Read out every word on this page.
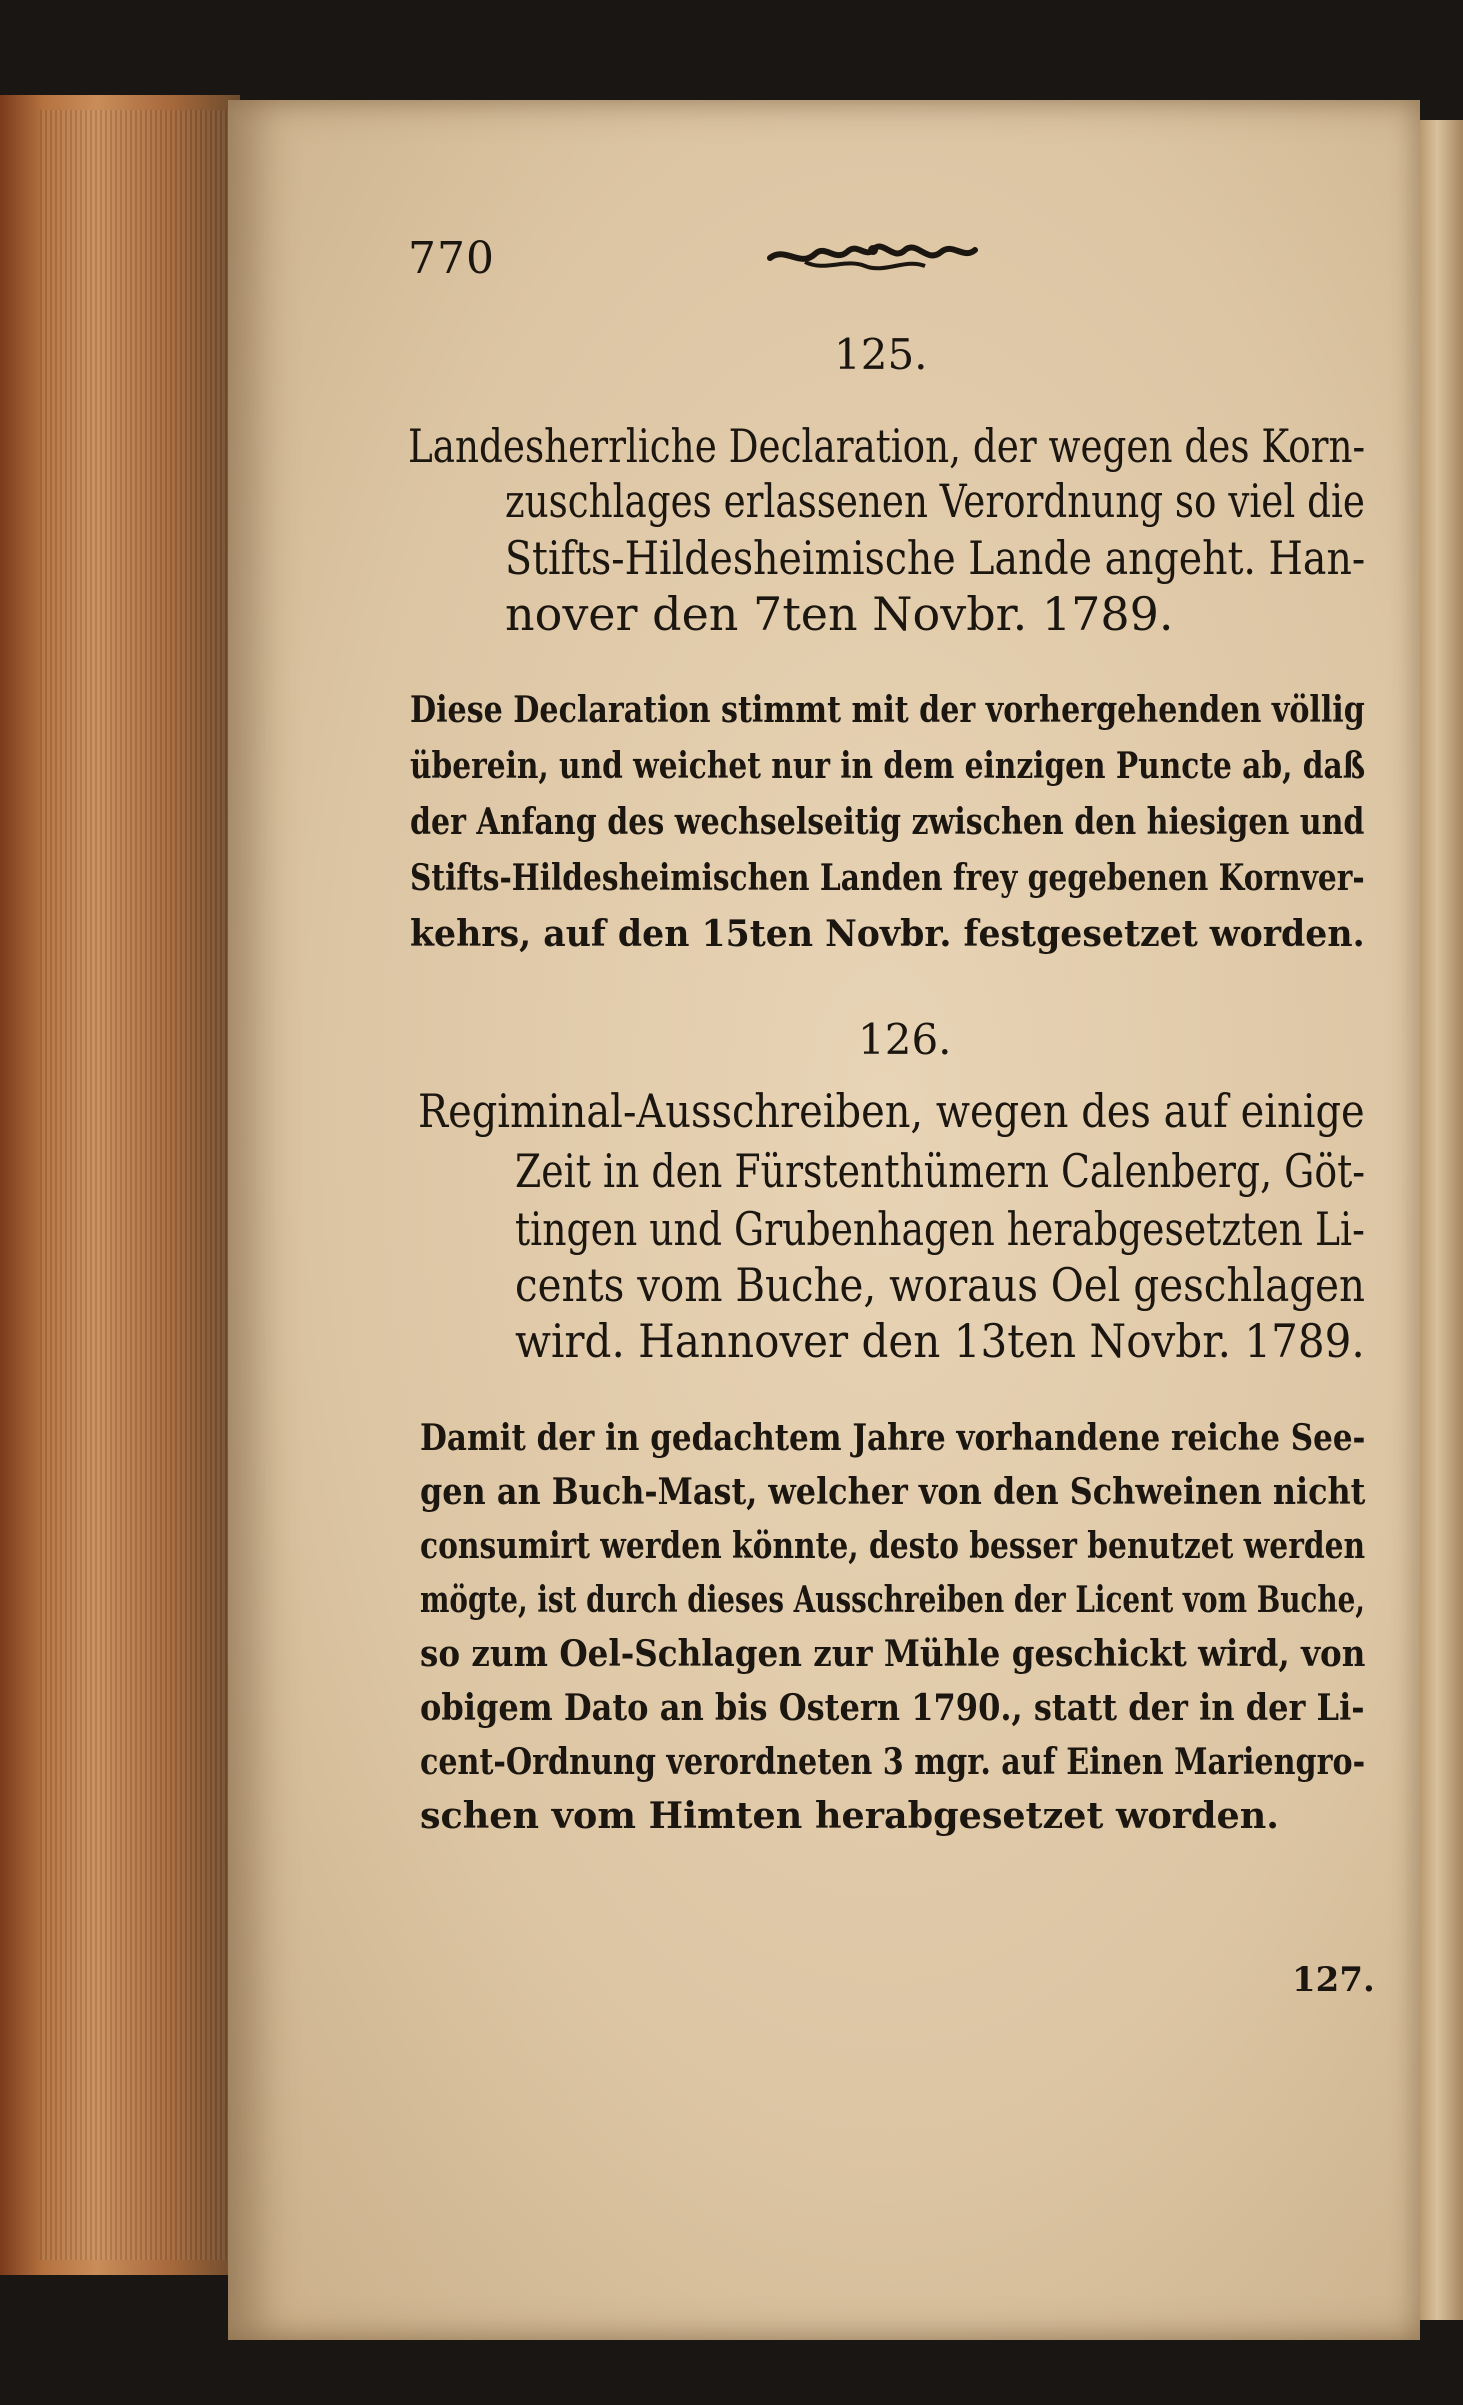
770
125.
Landesherrliche Declaration, der wegen des Korn-
zuschlages erlassenen Verordnung so viel die
Stifts-Hildesheimische Lande angeht. Han-
nover den 7ten Novbr. 1789.
Diese Declaration stimmt mit der vorhergehenden völlig
überein, und weichet nur in dem einzigen Puncte ab, daß
der Anfang des wechselseitig zwischen den hiesigen und
Stifts-Hildesheimischen Landen frey gegebenen Kornver-
kehrs, auf den 15ten Novbr. festgesetzet worden.
126.
Regiminal-Ausschreiben, wegen des auf einige
Zeit in den Fürstenthümern Calenberg, Göt-
tingen und Grubenhagen herabgesetzten Li-
cents vom Buche, woraus Oel geschlagen
wird. Hannover den 13ten Novbr. 1789.
Damit der in gedachtem Jahre vorhandene reiche See-
gen an Buch-Mast, welcher von den Schweinen nicht
consumirt werden könnte, desto besser benutzet werden
mögte, ist durch dieses Ausschreiben der Licent vom Buche,
so zum Oel-Schlagen zur Mühle geschickt wird, von
obigem Dato an bis Ostern 1790., statt der in der Li-
cent-Ordnung verordneten 3 mgr. auf Einen Mariengro-
schen vom Himten herabgesetzet worden.
127.
